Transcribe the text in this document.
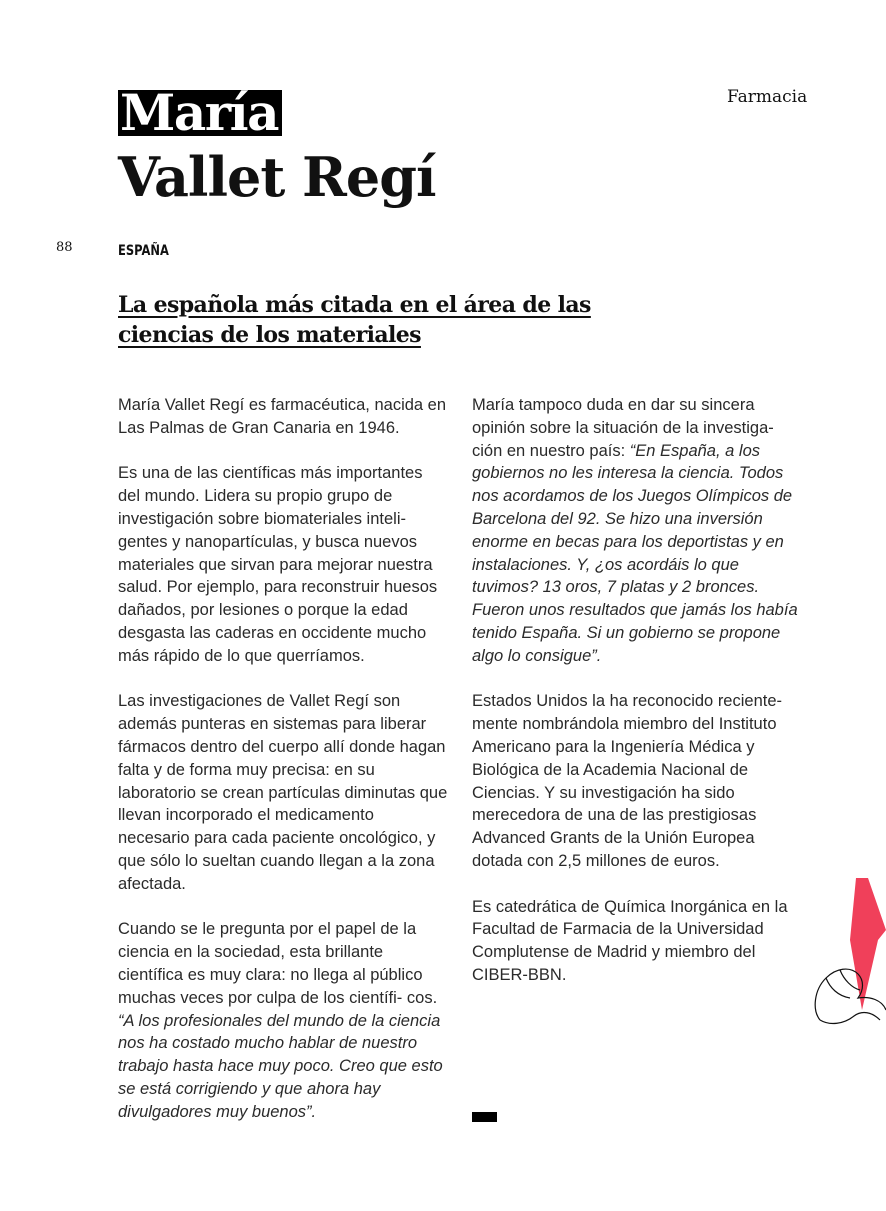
Farmacia
María
Vallet Regí
88	ESPAÑA
La española más citada en el área de las ciencias de los materiales

María Vallet Regí es farmacéutica, nacida en Las Palmas de Gran Canaria en 1946.

Es una de las científicas más importantes del mundo. Lidera su propio grupo de investigación sobre biomateriales inteli- gentes y nanopartículas, y busca nuevos materiales que sirvan para mejorar nuestra salud. Por ejemplo, para reconstruir huesos dañados, por lesiones o porque la edad desgasta las caderas en occidente mucho más rápido de lo que querríamos.

Las investigaciones de Vallet Regí son además punteras en sistemas para liberar fármacos dentro del cuerpo allí donde hagan falta y de forma muy precisa: en su laboratorio se crean partículas diminutas que llevan incorporado el medicamento necesario para cada paciente oncológico, y que sólo lo sueltan cuando llegan a la zona afectada.

Cuando se le pregunta por el papel de la ciencia en la sociedad, esta brillante científica es muy clara: no llega al público muchas veces por culpa de los científi- cos. “A los profesionales del mundo de la ciencia nos ha costado mucho hablar de nuestro trabajo hasta hace muy poco. Creo que esto se está corrigiendo y que ahora hay divulgadores muy buenos”.

María tampoco duda en dar su sincera opinión sobre la situación de la investiga- ción en nuestro país: “En España, a los gobiernos no les interesa la ciencia. Todos nos acordamos de los Juegos Olímpicos de Barcelona del 92. Se hizo una inversión enorme en becas para los deportistas y en instalaciones. Y, ¿os acordáis lo que tuvimos? 13 oros, 7 platas y 2 bronces. Fueron unos resultados que jamás los había tenido España. Si un gobierno se propone algo lo consigue”.

Estados Unidos la ha reconocido reciente- mente nombrándola miembro del Instituto Americano para la Ingeniería Médica y Biológica de la Academia Nacional de Ciencias. Y su investigación ha sido merecedora de una de las prestigiosas Advanced Grants de la Unión Europea dotada con 2,5 millones de euros.

Es catedrática de Química Inorgánica en la Facultad de Farmacia de la Universidad Complutense de Madrid y miembro del CIBER-BBN.
